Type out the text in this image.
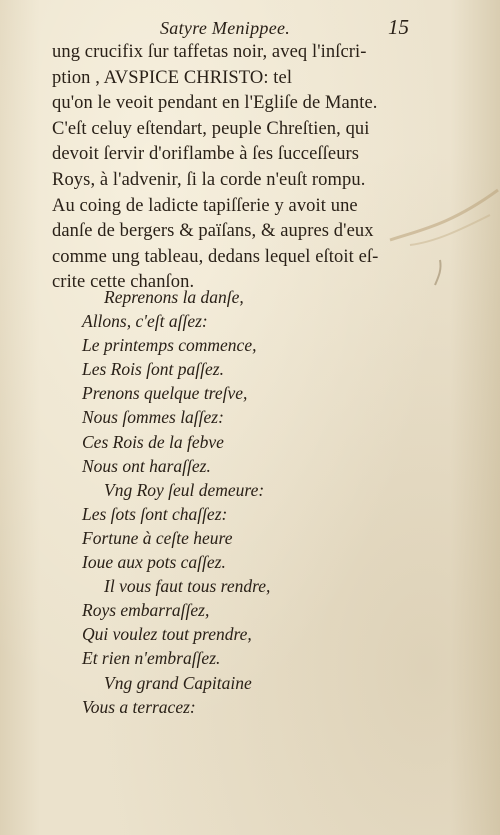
Satyre Menippee.	15
ung crucifix ſur taffetas noir, aveq l'inſcri-
ption , AVSPICE CHRISTO: tel
qu'on le veoit pendant en l'Egliſe de Mante.
C'eſt celuy eſtendart, peuple Chreſtien, qui
devoit ſervir d'oriflambe à ſes ſucceſſeurs
Roys, à l'advenir, ſi la corde n'euſt rompu.
Au coing de ladicte tapiſſerie y avoit une
danſe de bergers & païſans, & aupres d'eux
comme ung tableau, dedans lequel eſtoit eſ-
crite cette chanſon.
Reprenons la danſe,
Allons, c'eſt aſſez:
Le printemps commence,
Les Rois ſont paſſez.
Prenons quelque treſve,
Nous ſommes laſſez:
Ces Rois de la febve
Nous ont haraſſez.
Vng Roy ſeul demeure:
Les ſots ſont chaſſez:
Fortune à ceſte heure
Ioue aux pots caſſez.
Il vous faut tous rendre,
Roys embarraſſez,
Qui voulez tout prendre,
Et rien n'embraſſez.
Vng grand Capitaine
Vous a terracez:
